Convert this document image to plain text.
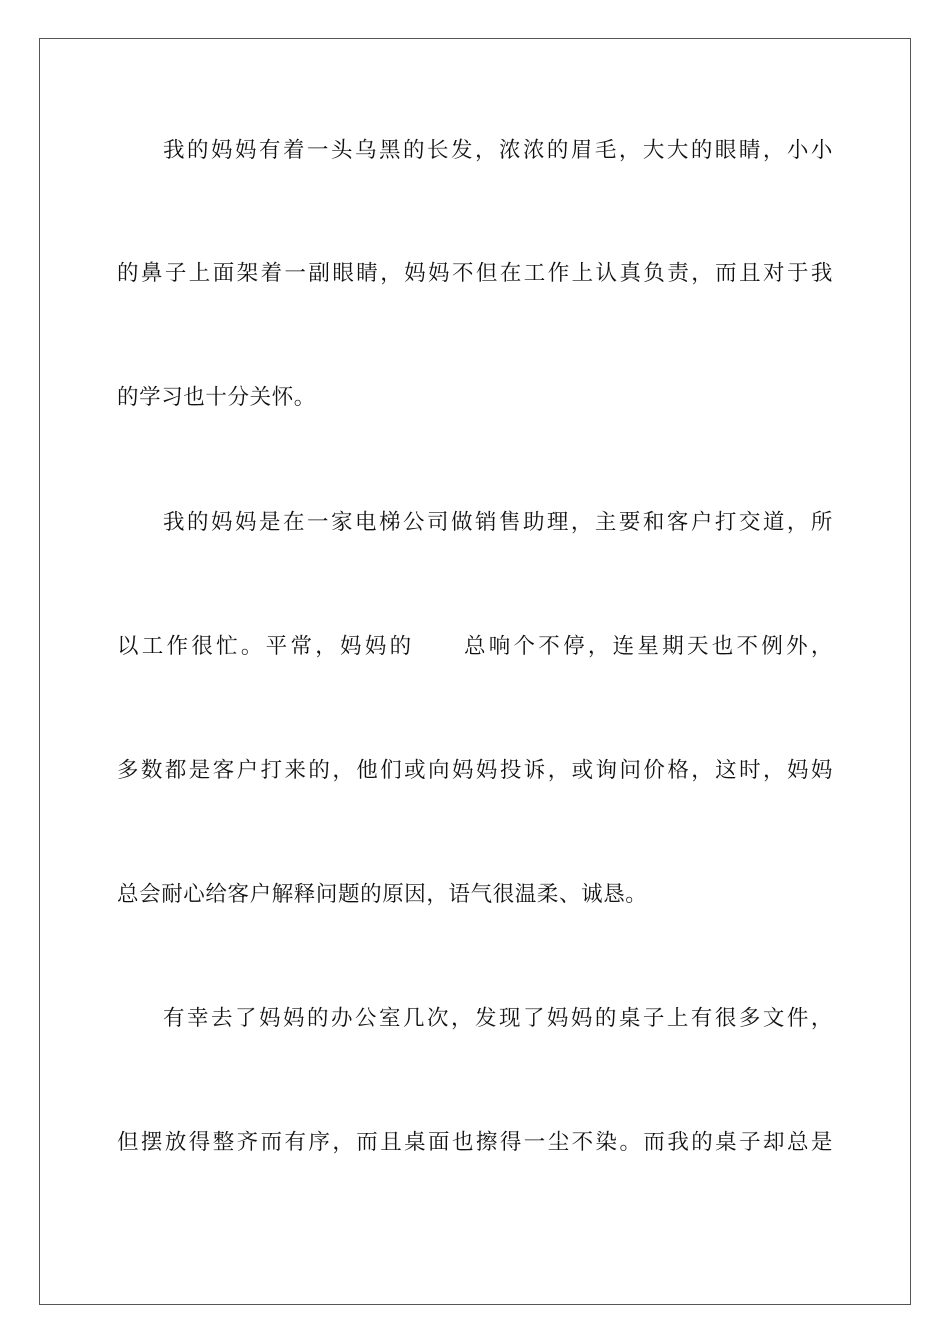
我的妈妈有着一头乌黑的长发，浓浓的眉毛，大大的眼睛，小小
的鼻子上面架着一副眼睛，妈妈不但在工作上认真负责，而且对于我
的学习也十分关怀。
我的妈妈是在一家电梯公司做销售助理，主要和客户打交道，所
以工作很忙。平常，妈妈的　　总响个不停，连星期天也不例外，
多数都是客户打来的，他们或向妈妈投诉，或询问价格，这时，妈妈
总会耐心给客户解释问题的原因，语气很温柔、诚恳。
有幸去了妈妈的办公室几次，发现了妈妈的桌子上有很多文件，
但摆放得整齐而有序，而且桌面也擦得一尘不染。而我的桌子却总是
